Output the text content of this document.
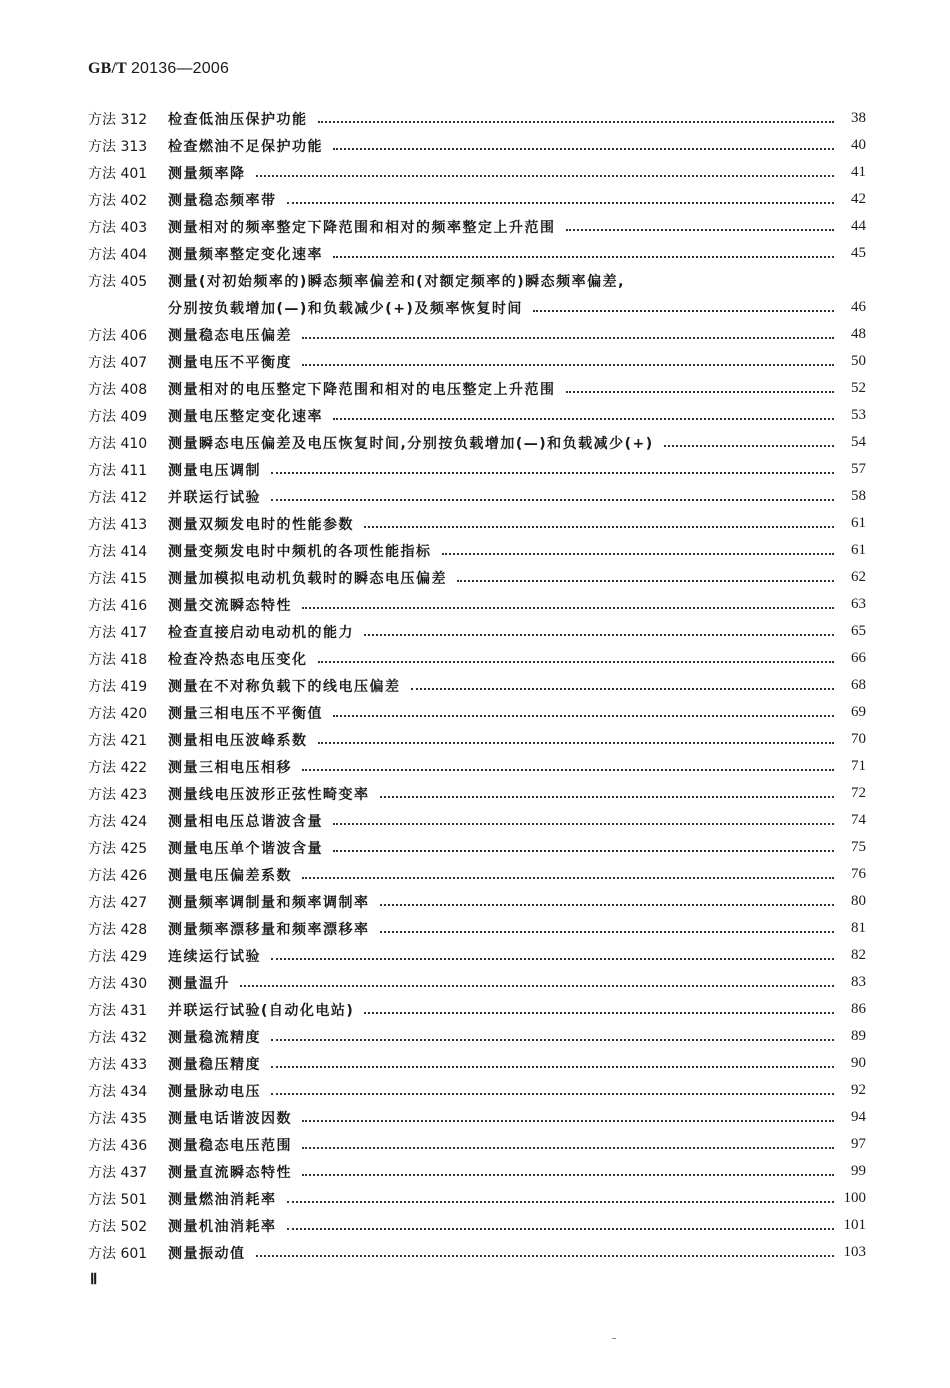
GB/T 20136—2006
方法 312	检查低油压保护功能	38
方法 313	检查燃油不足保护功能	40
方法 401	测量频率降	41
方法 402	测量稳态频率带	42
方法 403	测量相对的频率整定下降范围和相对的频率整定上升范围	44
方法 404	测量频率整定变化速率	45
方法 405	测量(对初始频率的)瞬态频率偏差和(对额定频率的)瞬态频率偏差,
分别按负载增加(—)和负载减少(+)及频率恢复时间	46
方法 406	测量稳态电压偏差	48
方法 407	测量电压不平衡度	50
方法 408	测量相对的电压整定下降范围和相对的电压整定上升范围	52
方法 409	测量电压整定变化速率	53
方法 410	测量瞬态电压偏差及电压恢复时间,分别按负载增加(—)和负载减少(+)	54
方法 411	测量电压调制	57
方法 412	并联运行试验	58
方法 413	测量双频发电时的性能参数	61
方法 414	测量变频发电时中频机的各项性能指标	61
方法 415	测量加模拟电动机负载时的瞬态电压偏差	62
方法 416	测量交流瞬态特性	63
方法 417	检查直接启动电动机的能力	65
方法 418	检查冷热态电压变化	66
方法 419	测量在不对称负载下的线电压偏差	68
方法 420	测量三相电压不平衡值	69
方法 421	测量相电压波峰系数	70
方法 422	测量三相电压相移	71
方法 423	测量线电压波形正弦性畸变率	72
方法 424	测量相电压总谐波含量	74
方法 425	测量电压单个谐波含量	75
方法 426	测量电压偏差系数	76
方法 427	测量频率调制量和频率调制率	80
方法 428	测量频率漂移量和频率漂移率	81
方法 429	连续运行试验	82
方法 430	测量温升	83
方法 431	并联运行试验(自动化电站)	86
方法 432	测量稳流精度	89
方法 433	测量稳压精度	90
方法 434	测量脉动电压	92
方法 435	测量电话谐波因数	94
方法 436	测量稳态电压范围	97
方法 437	测量直流瞬态特性	99
方法 501	测量燃油消耗率	100
方法 502	测量机油消耗率	101
方法 601	测量振动值	103
Ⅱ
